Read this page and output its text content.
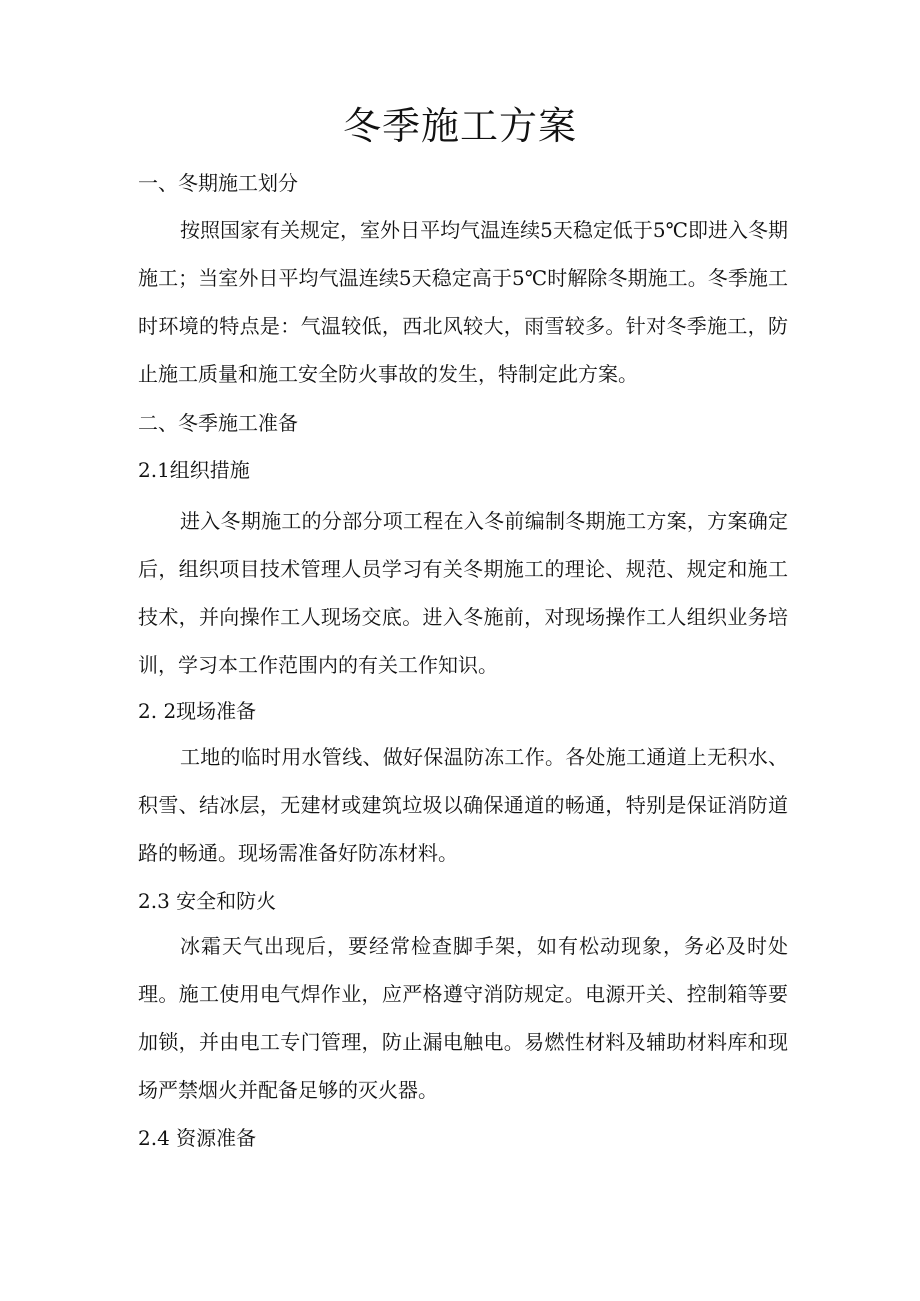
冬季施工方案
一、冬期施工划分

按照国家有关规定，室外日平均气温连续5天稳定低于5℃即进入冬期施工；当室外日平均气温连续5天稳定高于5℃时解除冬期施工。冬季施工时环境的特点是：气温较低，西北风较大，雨雪较多。针对冬季施工，防止施工质量和施工安全防火事故的发生，特制定此方案。

二、冬季施工准备
2.1组织措施

进入冬期施工的分部分项工程在入冬前编制冬期施工方案，方案确定后，组织项目技术管理人员学习有关冬期施工的理论、规范、规定和施工技术，并向操作工人现场交底。进入冬施前，对现场操作工人组织业务培训，学习本工作范围内的有关工作知识。

2. 2现场准备

工地的临时用水管线、做好保温防冻工作。各处施工通道上无积水、积雪、结冰层，无建材或建筑垃圾以确保通道的畅通，特别是保证消防道路的畅通。现场需准备好防冻材料。

2.3 安全和防火

冰霜天气出现后，要经常检查脚手架，如有松动现象，务必及时处理。施工使用电气焊作业，应严格遵守消防规定。电源开关、控制箱等要加锁，并由电工专门管理，防止漏电触电。易燃性材料及辅助材料库和现场严禁烟火并配备足够的灭火器。

2.4 资源准备
